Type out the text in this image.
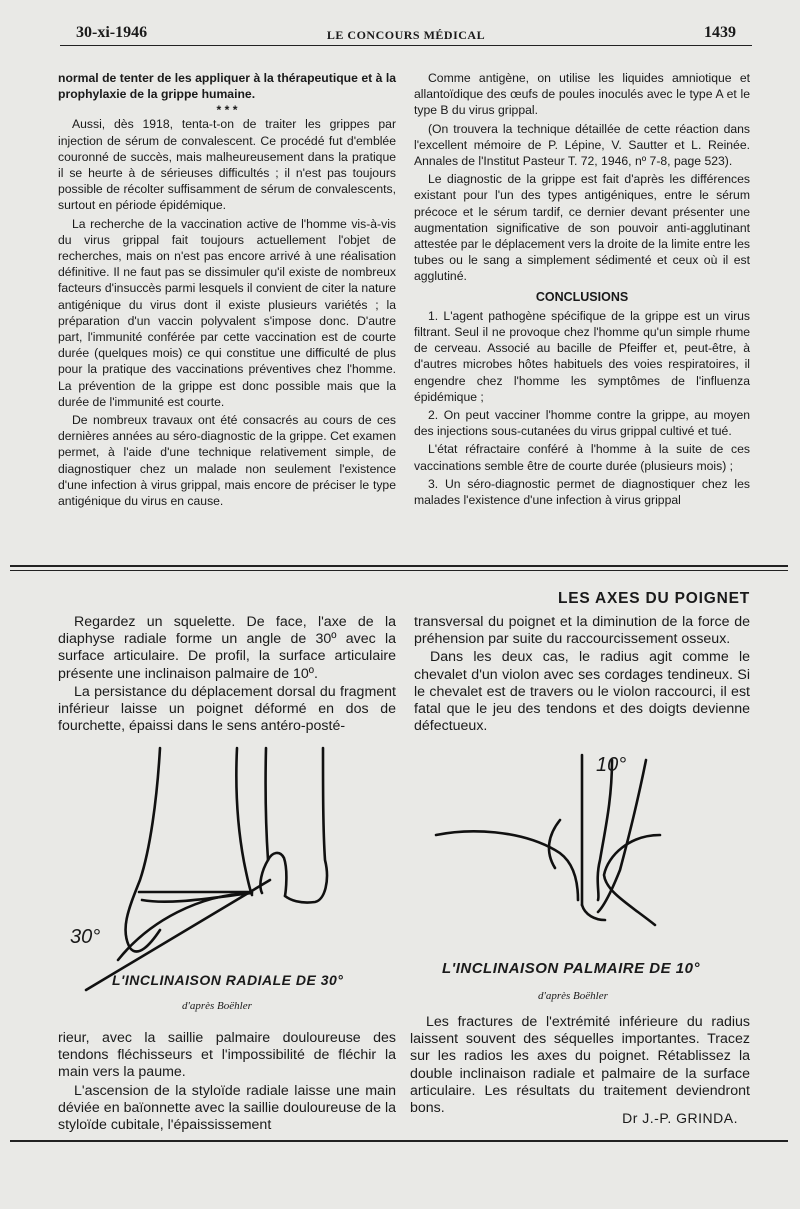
30-xi-1946	LE CONCOURS MÉDICAL	1439

normal de tenter de les appliquer à la thérapeutique et à la prophylaxie de la grippe humaine.

* * *

Aussi, dès 1918, tenta-t-on de traiter les grippes par injection de sérum de convalescent. Ce procédé fut d'emblée couronné de succès, mais malheureusement dans la pratique il se heurte à de sérieuses difficultés ; il n'est pas toujours possible de récolter suffisamment de sérum de convalescents, surtout en période épidémique.

La recherche de la vaccination active de l'homme vis-à-vis du virus grippal fait toujours actuellement l'objet de recherches, mais on n'est pas encore arrivé à une réalisation définitive. Il ne faut pas se dissimuler qu'il existe de nombreux facteurs d'insuccès parmi lesquels il convient de citer la nature antigénique du virus dont il existe plusieurs variétés ; la préparation d'un vaccin polyvalent s'impose donc. D'autre part, l'immunité conférée par cette vaccination est de courte durée (quelques mois) ce qui constitue une difficulté de plus pour la pratique des vaccinations préventives chez l'homme. La prévention de la grippe est donc possible mais que la durée de l'immunité est courte.

De nombreux travaux ont été consacrés au cours de ces dernières années au séro-diagnostic de la grippe. Cet examen permet, à l'aide d'une technique relativement simple, de diagnostiquer chez un malade non seulement l'existence d'une infection à virus grippal, mais encore de préciser le type antigénique du virus en cause.

Comme antigène, on utilise les liquides amniotique et allantoïdique des œufs de poules inoculés avec le type A et le type B du virus grippal.

(On trouvera la technique détaillée de cette réaction dans l'excellent mémoire de P. Lépine, V. Sautter et L. Reinée. Annales de l'Institut Pasteur T. 72, 1946, nº 7-8, page 523).

Le diagnostic de la grippe est fait d'après les différences existant pour l'un des types antigéniques, entre le sérum précoce et le sérum tardif, ce dernier devant présenter une augmentation significative de son pouvoir anti-agglutinant attestée par le déplacement vers la droite de la limite entre les tubes ou le sang a simplement sédimenté et ceux où il est agglutiné.

CONCLUSIONS

1. L'agent pathogène spécifique de la grippe est un virus filtrant. Seul il ne provoque chez l'homme qu'un simple rhume de cerveau. Associé au bacille de Pfeiffer et, peut-être, à d'autres microbes hôtes habituels des voies respiratoires, il engendre chez l'homme les symptômes de l'influenza épidémique ;

2. On peut vacciner l'homme contre la grippe, au moyen des injections sous-cutanées du virus grippal cultivé et tué.

L'état réfractaire conféré à l'homme à la suite de ces vaccinations semble être de courte durée (plusieurs mois) ;

3. Un séro-diagnostic permet de diagnostiquer chez les malades l'existence d'une infection à virus grippal

LES AXES DU POIGNET

Regardez un squelette. De face, l'axe de la diaphyse radiale forme un angle de 30º avec la surface articulaire. De profil, la surface articulaire présente une inclinaison palmaire de 10º.

La persistance du déplacement dorsal du fragment inférieur laisse un poignet déformé en dos de fourchette, épaissi dans le sens antéro-posté-

transversal du poignet et la diminution de la force de préhension par suite du raccourcissement osseux.

Dans les deux cas, le radius agit comme le chevalet d'un violon avec ses cordages tendineux. Si le chevalet est de travers ou le violon raccourci, il est fatal que le jeu des tendons et des doigts devienne défectueux.

30°
L'INCLINAISON RADIALE DE 30°
d'après Boëhler
10°
L'INCLINAISON PALMAIRE DE 10°
d'après Boëhler

rieur, avec la saillie palmaire douloureuse des tendons fléchisseurs et l'impossibilité de fléchir la main vers la paume.

L'ascension de la styloïde radiale laisse une main déviée en baïonnette avec la saillie douloureuse de la styloïde cubitale, l'épaississement

Les fractures de l'extrémité inférieure du radius laissent souvent des séquelles importantes. Tracez sur les radios les axes du poignet. Rétablissez la double inclinaison radiale et palmaire de la surface articulaire. Les résultats du traitement deviendront bons.

Dr J.-P. GRINDA.
